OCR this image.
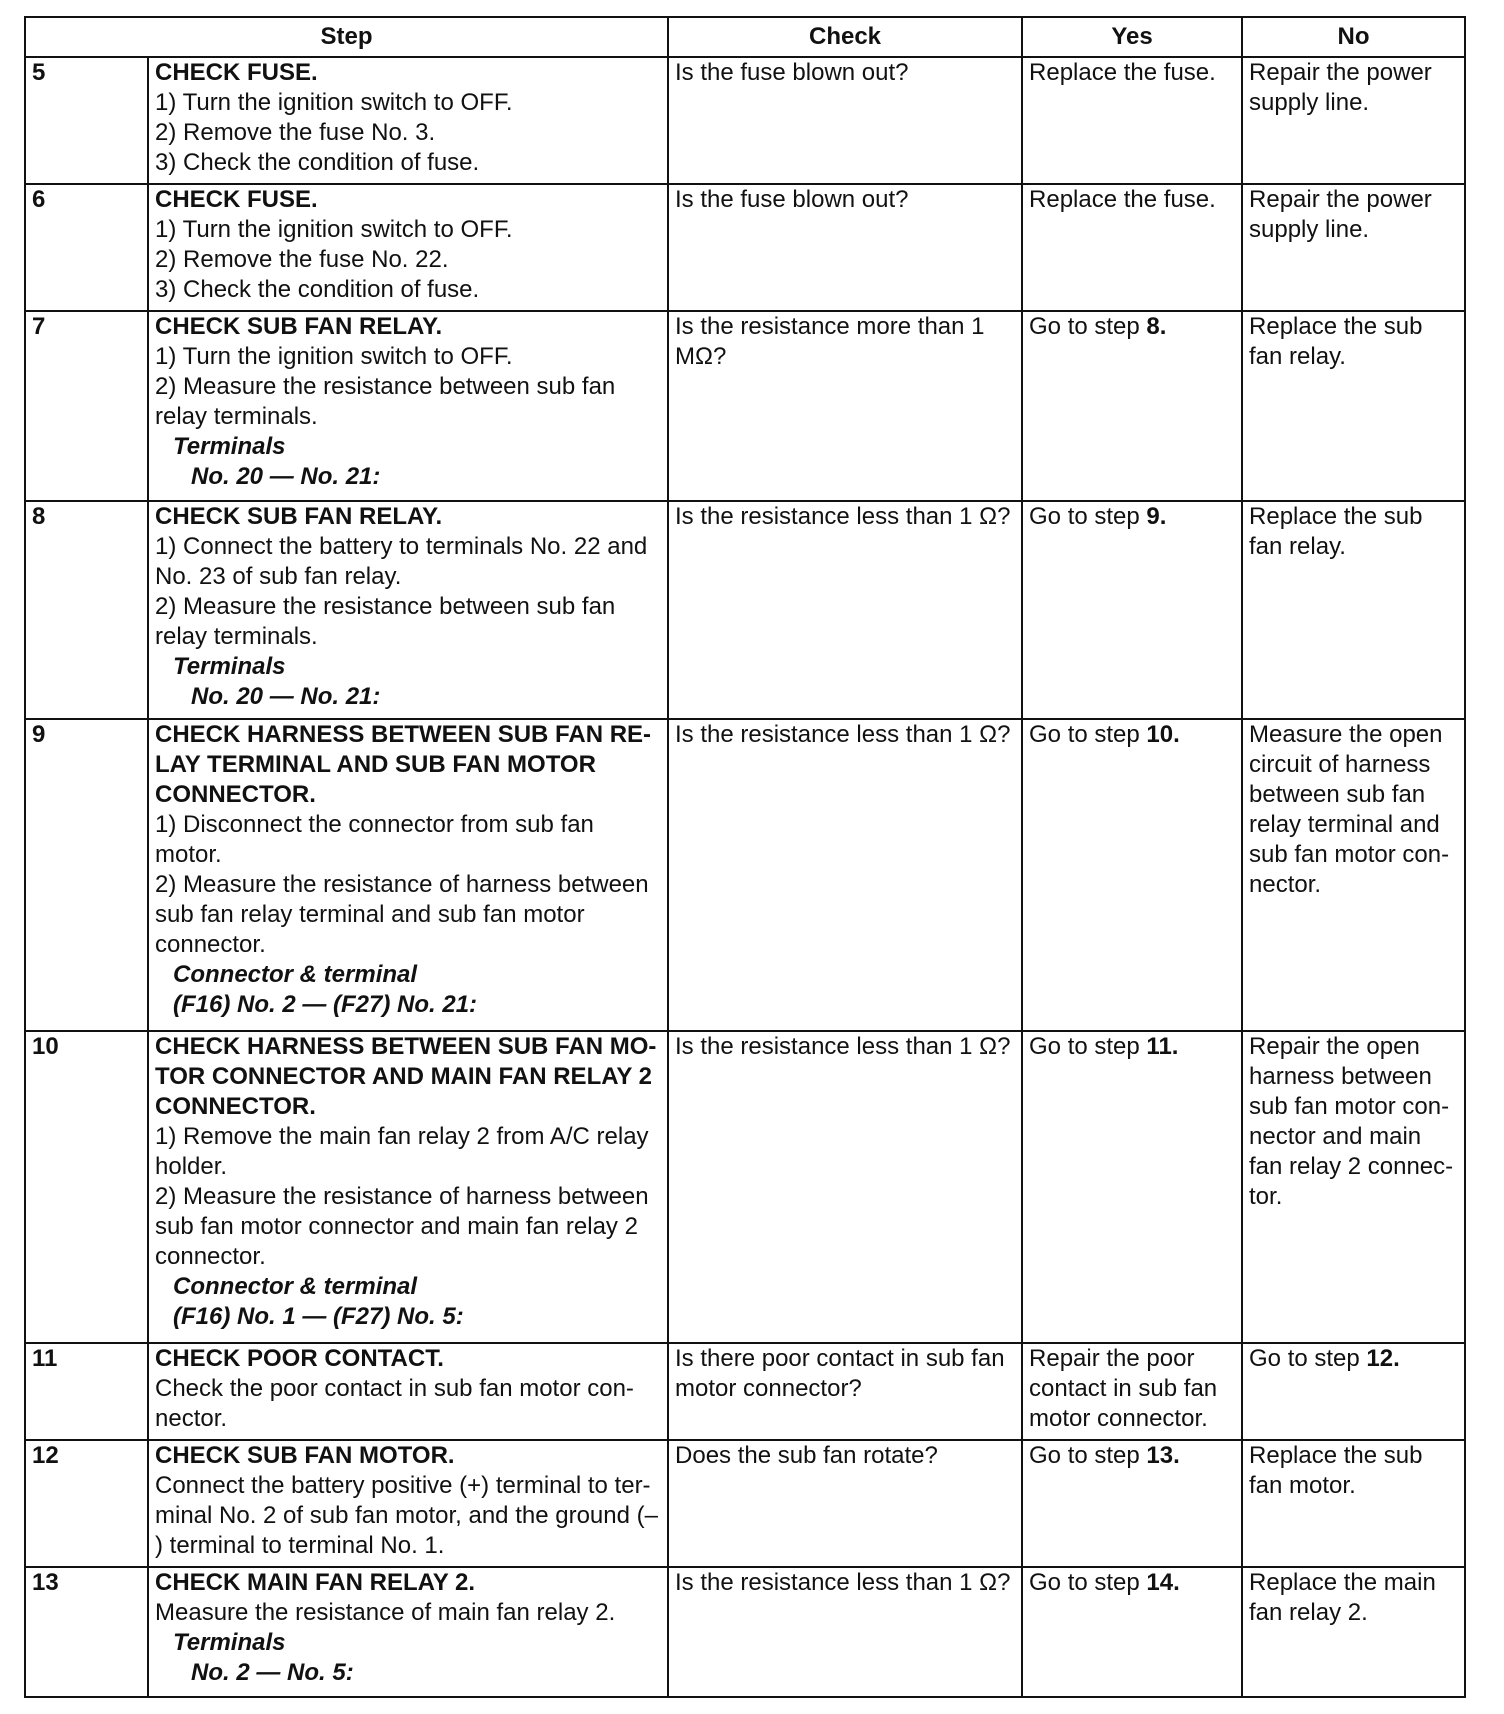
Step		Check	Yes	No
5	CHECK FUSE.
1) Turn the ignition switch to OFF.
2) Remove the fuse No. 3.
3) Check the condition of fuse.	Is the fuse blown out?	Replace the fuse.	Repair the power supply line.
6	CHECK FUSE.
1) Turn the ignition switch to OFF.
2) Remove the fuse No. 22.
3) Check the condition of fuse.	Is the fuse blown out?	Replace the fuse.	Repair the power supply line.
7	CHECK SUB FAN RELAY.
1) Turn the ignition switch to OFF.
2) Measure the resistance between sub fan relay terminals.
Terminals
No. 20 — No. 21:	Is the resistance more than 1 MΩ?	Go to step 8.	Replace the sub fan relay.
8	CHECK SUB FAN RELAY.
1) Connect the battery to terminals No. 22 and No. 23 of sub fan relay.
2) Measure the resistance between sub fan relay terminals.
Terminals
No. 20 — No. 21:	Is the resistance less than 1 Ω?	Go to step 9.	Replace the sub fan relay.
9	CHECK HARNESS BETWEEN SUB FAN RE-LAY TERMINAL AND SUB FAN MOTOR CONNECTOR.
1) Disconnect the connector from sub fan motor.
2) Measure the resistance of harness between sub fan relay terminal and sub fan motor connector.
Connector & terminal
(F16) No. 2 — (F27) No. 21:	Is the resistance less than 1 Ω?	Go to step 10.	Measure the open circuit of harness between sub fan relay terminal and sub fan motor con-nector.
10	CHECK HARNESS BETWEEN SUB FAN MO-TOR CONNECTOR AND MAIN FAN RELAY 2 CONNECTOR.
1) Remove the main fan relay 2 from A/C relay holder.
2) Measure the resistance of harness between sub fan motor connector and main fan relay 2 connector.
Connector & terminal
(F16) No. 1 — (F27) No. 5:	Is the resistance less than 1 Ω?	Go to step 11.	Repair the open harness between sub fan motor con-nector and main fan relay 2 connec-tor.
11	CHECK POOR CONTACT.
Check the poor contact in sub fan motor con-nector.	Is there poor contact in sub fan motor connector?	Repair the poor contact in sub fan motor connector.	Go to step 12.
12	CHECK SUB FAN MOTOR.
Connect the battery positive (+) terminal to ter-minal No. 2 of sub fan motor, and the ground (– ) terminal to terminal No. 1.	Does the sub fan rotate?	Go to step 13.	Replace the sub fan motor.
13	CHECK MAIN FAN RELAY 2.
Measure the resistance of main fan relay 2.
Terminals
No. 2 — No. 5:	Is the resistance less than 1 Ω?	Go to step 14.	Replace the main fan relay 2.
